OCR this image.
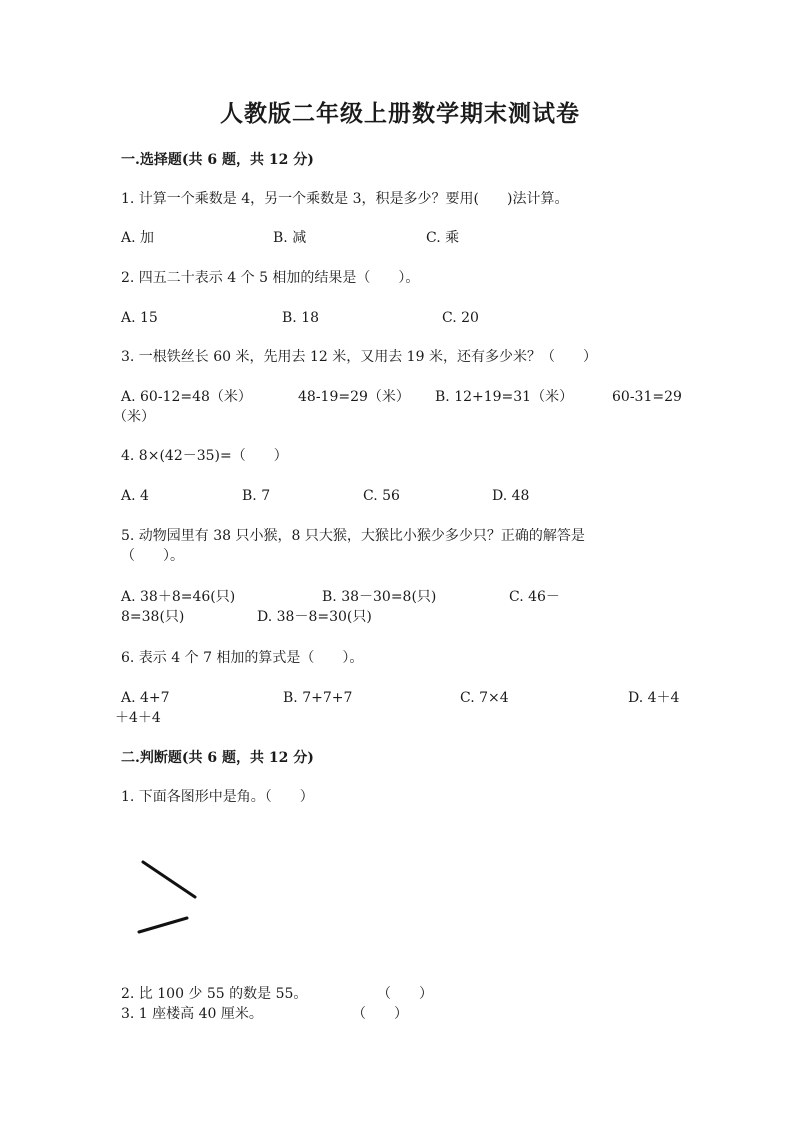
人教版二年级上册数学期末测试卷
一.选择题(共 6 题，共 12 分)
1. 计算一个乘数是 4，另一个乘数是 3，积是多少？要用(　　)法计算。
A. 加	B. 减	C. 乘
2. 四五二十表示 4 个 5 相加的结果是（　　）。
A. 15	B. 18	C. 20
3. 一根铁丝长 60 米，先用去 12 米，又用去 19 米，还有多少米？（　　）
A. 60-12=48（米）	48-19=29（米） B. 12+19=31（米）	60-31=29
（米）
4. 8×(42－35)=（　　）
A. 4	B. 7	C. 56	D. 48
5. 动物园里有 38 只小猴，8 只大猴，大猴比小猴少多少只？正确的解答是
（　　）。
A. 38＋8=46(只)	B. 38－30=8(只)	C. 46－
8=38(只)	D. 38－8=30(只)
6. 表示 4 个 7 相加的算式是（　　）。
A. 4+7	B. 7+7+7	C. 7×4	D. 4＋4
＋4＋4
二.判断题(共 6 题，共 12 分)
1. 下面各图形中是角。（　　）
2. 比 100 少 55 的数是 55。	（　　）
3. 1 座楼高 40 厘米。	（　　）
